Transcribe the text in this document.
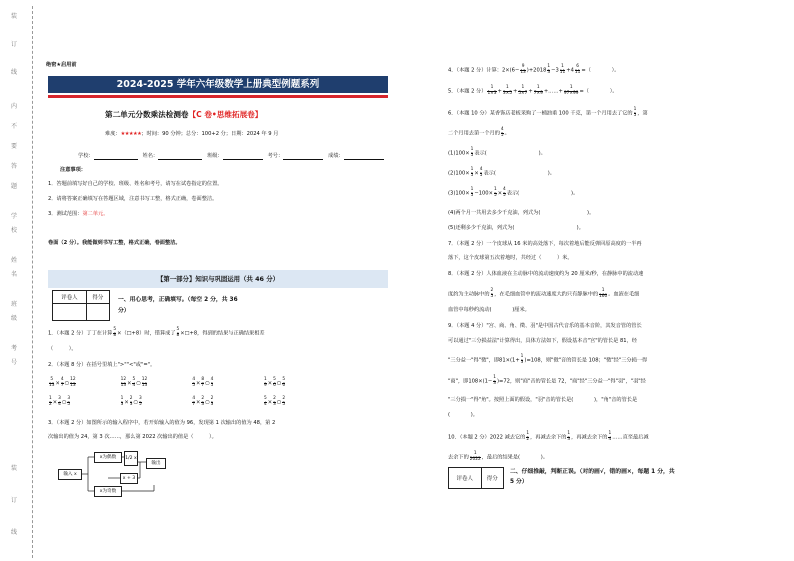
装
订
线
内
不
要
答
题
学
校
姓
名
班
级
考
号
装
订
线
绝密★启用前
2024-2025 学年六年级数学上册典型例题系列
第二单元分数乘法检测卷【C 卷•思维拓展卷】
难度：★★★★★；时间：90 分钟；总分：100+2 分；日期：2024 年 9 月
学校：	姓名：	班级：	考号：	成绩：
注意事项：
1．答题前填写好自己的学校、班级、姓名和考号，请写在试卷指定的位置。
2．请将答案正确填写在答题区域，注意书写工整，格式正确，卷面整洁。
3．测试范围：第二单元。
卷面（2 分）。我能做到书写工整，格式正确，卷面整洁。
【第一部分】知识与巩固运用（共 46 分）
评卷人	得分
		一、用心思考，正确填写。（每空 2 分，共 36
分）
1．（本题 2 分）丁丁在计算 $\frac{5}{8}$ ×（□+8）时，错算成了 $\frac{5}{8}$ ×□+8，得到的结果与正确结果相差
（　　　）。
2．（本题 8 分）在括号里填上">""<"或"="。
$\frac{5}{13} \times \frac{4}{7}$ ○ $\frac{12}{13}$
	$\frac{12}{13} \times \frac{5}{4}$ ○ $\frac{12}{13}$
	$\frac{4}{5} \times \frac{8}{7}$ ○ $\frac{4}{5}$
	$\frac{1}{9} \times \frac{5}{6}$ ○ $\frac{5}{6}$
$\frac{1}{2} \times \frac{3}{4}$ ○ $\frac{3}{5}$
	$\frac{1}{3} \times \frac{2}{3}$ ○ $\frac{3}{5}$
	$\frac{4}{7} \times \frac{2}{3}$ ○ $\frac{2}{3}$
	$\frac{5}{4} \times \frac{2}{3}$ ○ $\frac{2}{5}$
3．（本题 2 分）如图所示的输入程序中，若开始输入的值为 96，发现第 1 次输出的值为 48，第 2
次输出的值为 24，第 3 次……，那么第 2022 次输出的值是（　　　）。
输入 x
x为偶数	1/2 x
输出
x + 3
x为奇数
4．（本题 2 分）计算：$2\times(6- \frac{9}{13} )+2018 \frac{1}{3} -3 \frac{1}{11} +4 \frac{6}{11}$ =（　　　　）。
5．（本题 2 分） $\frac{1}{1\times 3} + \frac{1}{3\times 5} + \frac{1}{5\times 7} + \frac{1}{7\times 9}$ +……+ $\frac{1}{97\times 99}$ =（　　　　）。
6．（本题 10 分）某香饰店老板采购了一桶油重 100 千克，第一个月用去了它的 $\frac{1}{5}$ ，第
二个月用去第一个月的 $\frac{4}{5}$ 。
$(1)100\times \frac{1}{5}$ 表示(　　　　　　　　　　)。
$(2)100\times \frac{1}{5} \times \frac{4}{5}$ 表示(　　　　　　　　　　)。
$(3)100\times \frac{1}{5} -100\times \frac{1}{5} \times \frac{4}{5}$ 表示(　　　　　　　　　　)。
(4)两个月一共用去多少千克油，列式为(　　　　　　　　　)。
(5)还剩多少千克油，列式为(　　　　　　　　　　　　)。
7．（本题 2 分）一个皮球从 16 米的高处落下，每次着地后能反弹回原高度的一半再
落下，这个皮球第五次着地时，共经过（　　　）米。
8．（本题 2 分）人体血液在主动脉中的流动速度约为 20 厘米/秒，在静脉中的流动速
度约为主动脉中的 $\frac{2}{5}$ ，在毛细血管中的流动速度大约只有静脉中的 $\frac{1}{160}$ 。血液在毛细
血管中每秒约流动(　　　　)厘米。
9．（本题 4 分）"宫、商、角、徵、羽"是中国古代音乐的基本音阶，其发音管的管长
可以通过"三分损益法"计算得出，具体方法如下，假设基本音"宫"的管长是 81，经
"三分益一"得"徵"，即$81\times(1+ \frac{1}{3} )=108$，则"徵"音的管长是 108；"徵"经"三分损一得
"商"，即$108\times(1- \frac{1}{3} )=72$，则"商"音的管长是 72，"商"经"三分益一"得"羽"，"羽"经
"三分损一"得"角"。按照上面的假设，"羽"音的管长是(　　　　)，"角"音的管长是
(　　　　)。
10．（本题 2 分）2022 减去它的 $\frac{1}{2}$ ，再减去余下的 $\frac{1}{3}$ ，再减去余下的 $\frac{1}{4}$ ……直至最后减
去余下的 $\frac{1}{2022}$ ，最后的结果是(　　　　)。
评卷人	得分
二、仔细推敲，判断正误。（对的画√，错的画×，每题 1 分，共
5 分）
